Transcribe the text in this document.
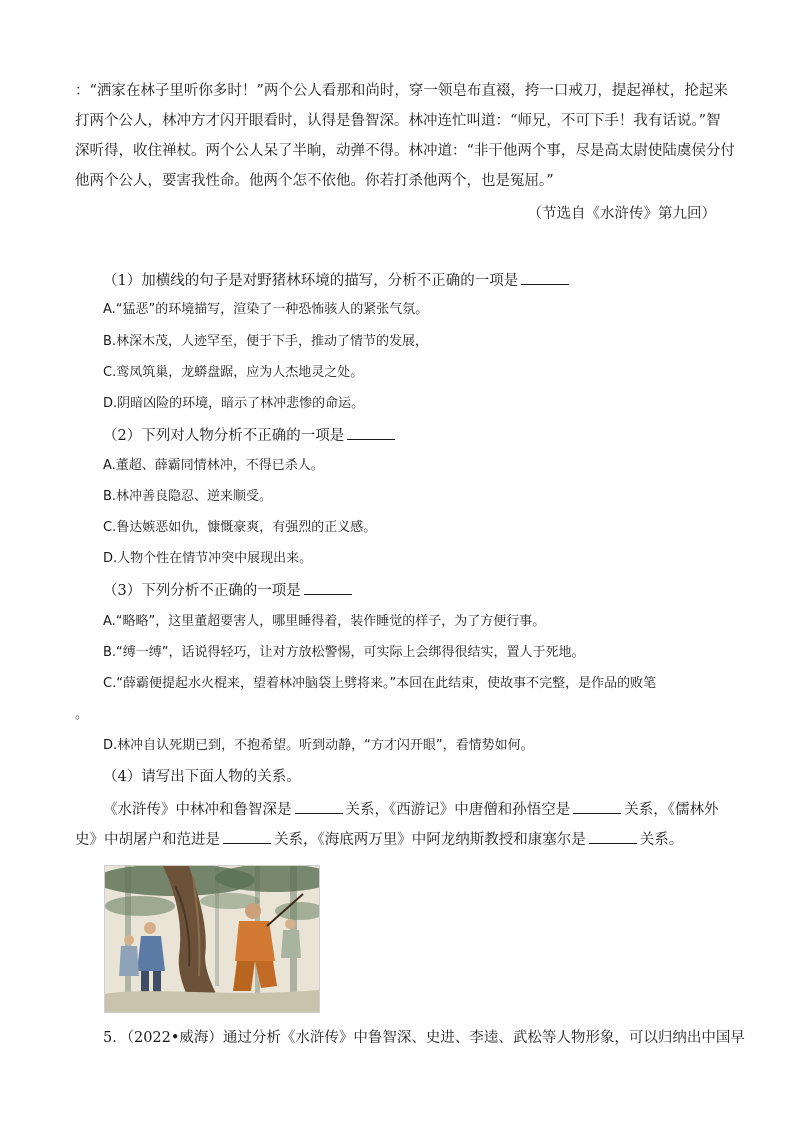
：“洒家在林子里听你多时！”两个公人看那和尚时，穿一领皂布直裰，挎一口戒刀，提起禅杖，抡起来

打两个公人，林冲方才闪开眼看时，认得是鲁智深。林冲连忙叫道：“师兄，不可下手！我有话说。”智

深听得，收住禅杖。两个公人呆了半晌，动弹不得。林冲道：“非干他两个事，尽是高太尉使陆虞侯分付

他两个公人，要害我性命。他两个怎不依他。你若打杀他两个，也是冤屈。”

（节选自《水浒传》第九回）

（1）加横线的句子是对野猪林环境的描写，分析不正确的一项是

A.“猛恶”的环境描写，渲染了一种恐怖骇人的紧张气氛。

B.林深木茂，人迹罕至，便于下手，推动了情节的发展，

C.鸾凤筑巢，龙蟒盘踞，应为人杰地灵之处。

D.阴暗凶险的环境，暗示了林冲悲惨的命运。

（2）下列对人物分析不正确的一项是

A.董超、薛霸同情林冲，不得已杀人。

B.林冲善良隐忍、逆来顺受。

C.鲁达嫉恶如仇，慷慨豪爽，有强烈的正义感。

D.人物个性在情节冲突中展现出来。

（3）下列分析不正确的一项是

A.“略略”，这里董超要害人，哪里睡得着，装作睡觉的样子，为了方便行事。

B.“缚一缚”，话说得轻巧，让对方放松警惕，可实际上会绑得很结实，置人于死地。

C.“薛霸便提起水火棍来，望着林冲脑袋上劈将来。”本回在此结束，使故事不完整，是作品的败笔

。

D.林冲自认死期已到，不抱希望。听到动静，“方才闪开眼”，看情势如何。

（4）请写出下面人物的关系。

《水浒传》中林冲和鲁智深是	关系，《西游记》中唐僧和孙悟空是	关系，《儒林外

史》中胡屠户和范进是	关系，《海底两万里》中阿龙纳斯教授和康塞尔是	关系。

5．（2022•威海）通过分析《水浒传》中鲁智深、史进、李逵、武松等人物形象，可以归纳出中国早
